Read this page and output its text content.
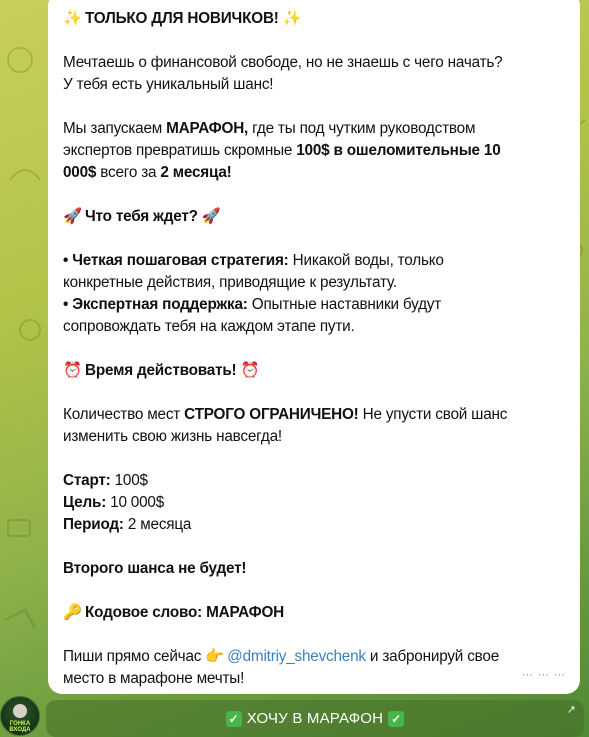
✨ ТОЛЬКО ДЛЯ НОВИЧКОВ! ✨
Мечтаешь о финансовой свободе, но не знаешь с чего начать?
У тебя есть уникальный шанс!
Мы запускаем МАРАФОН, где ты под чутким руководством
экспертов превратишь скромные 100$ в ошеломительные 10
000$ всего за 2 месяца!
🚀 Что тебя ждет? 🚀
• Четкая пошаговая стратегия: Никакой воды, только
конкретные действия, приводящие к результату.
• Экспертная поддержка: Опытные наставники будут
сопровождать тебя на каждом этапе пути.
⏰ Время действовать! ⏰
Количество мест СТРОГО ОГРАНИЧЕНО! Не упусти свой шанс
изменить свою жизнь навсегда!
Старт: 100$
Цель: 10 000$
Период: 2 месяца
Второго шанса не будет!
🔑 Кодовое слово: МАРАФОН
Пиши прямо сейчас 👉 @dmitriy_shevchenk и забронируй свое
место в марафоне мечты!	⋯ ⋯ ⋯
ГОНКА ВХОДА
✓ ХОЧУ В МАРАФОН ✓
↗
